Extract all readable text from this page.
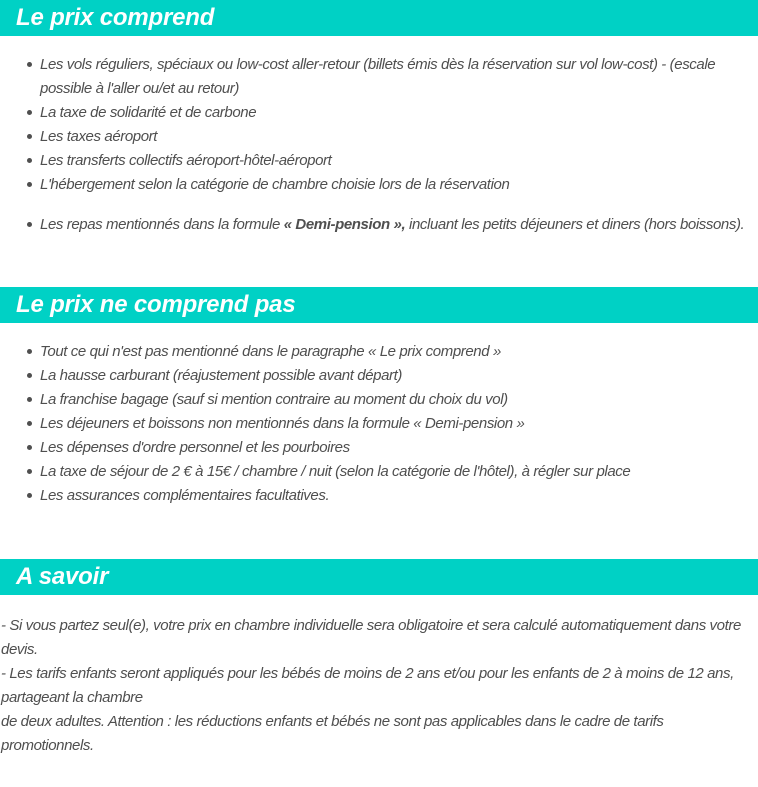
Le prix comprend
Les vols réguliers, spéciaux ou low-cost aller-retour (billets émis dès la réservation sur vol low-cost) - (escale possible à l'aller ou/et au retour)
La taxe de solidarité et de carbone
Les taxes aéroport
Les transferts collectifs aéroport-hôtel-aéroport
L'hébergement selon la catégorie de chambre choisie lors de la réservation
Les repas mentionnés dans la formule « Demi-pension », incluant les petits déjeuners et diners (hors boissons).
Le prix ne comprend pas
Tout ce qui n'est pas mentionné dans le paragraphe « Le prix comprend »
La hausse carburant (réajustement possible avant départ)
La franchise bagage (sauf si mention contraire au moment du choix du vol)
Les déjeuners et boissons non mentionnés dans la formule « Demi-pension »
Les dépenses d'ordre personnel et les pourboires
La taxe de séjour de 2 € à 15€ / chambre / nuit (selon la catégorie de l'hôtel), à régler sur place
Les assurances complémentaires facultatives.
A savoir

- Si vous partez seul(e), votre prix en chambre individuelle sera obligatoire et sera calculé automatiquement dans votre devis.

- Les tarifs enfants seront appliqués pour les bébés de moins de 2 ans et/ou pour les enfants de 2 à moins de 12 ans, partageant la chambre

de deux adultes. Attention : les réductions enfants et bébés ne sont pas applicables dans le cadre de tarifs promotionnels.
